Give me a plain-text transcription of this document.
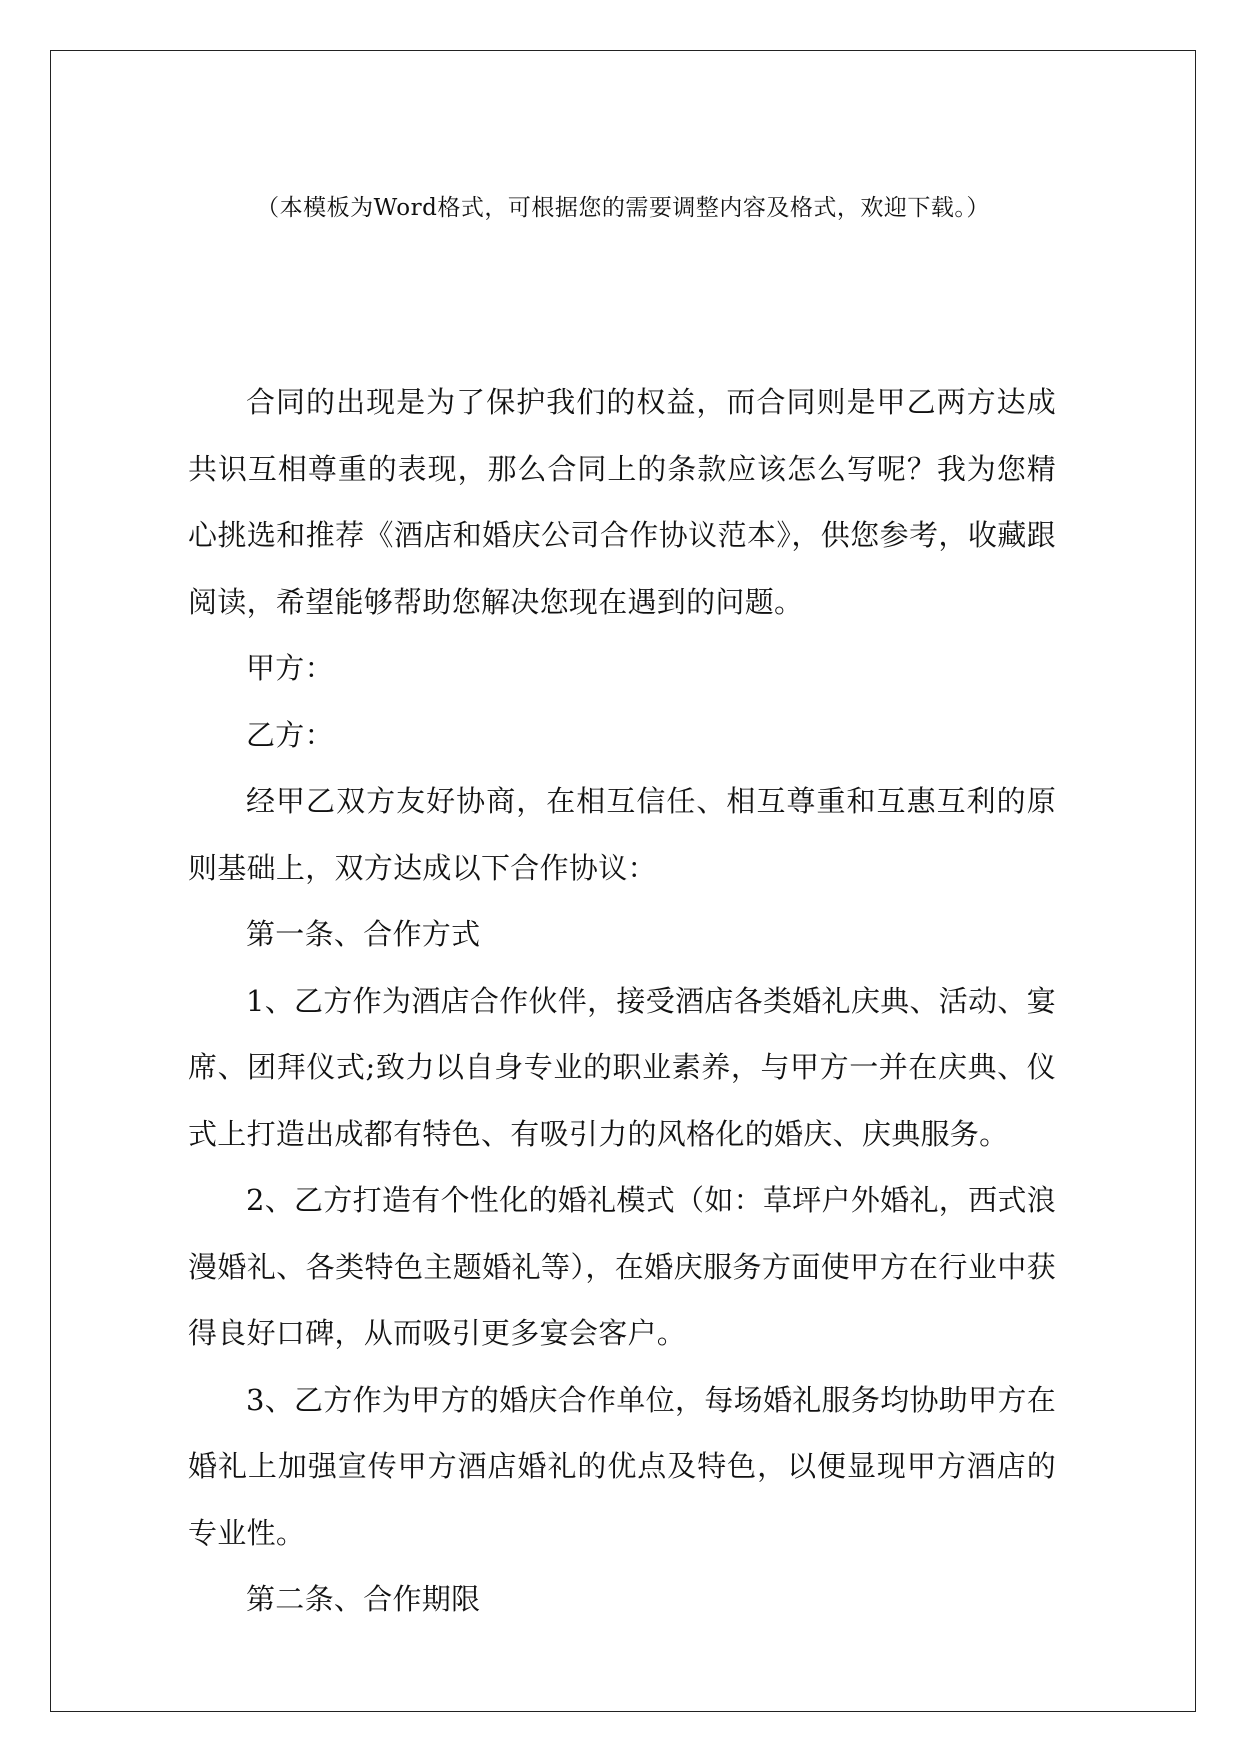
（本模板为Word格式，可根据您的需要调整内容及格式，欢迎下载。）

合同的出现是为了保护我们的权益，而合同则是甲乙两方达成共识互相尊重的表现，那么合同上的条款应该怎么写呢？我为您精心挑选和推荐《酒店和婚庆公司合作协议范本》，供您参考，收藏跟阅读，希望能够帮助您解决您现在遇到的问题。

甲方：

乙方：

经甲乙双方友好协商，在相互信任、相互尊重和互惠互利的原则基础上，双方达成以下合作协议：

第一条、合作方式

1、乙方作为酒店合作伙伴，接受酒店各类婚礼庆典、活动、宴席、团拜仪式;致力以自身专业的职业素养，与甲方一并在庆典、仪式上打造出成都有特色、有吸引力的风格化的婚庆、庆典服务。

2、乙方打造有个性化的婚礼模式（如：草坪户外婚礼，西式浪漫婚礼、各类特色主题婚礼等），在婚庆服务方面使甲方在行业中获得良好口碑，从而吸引更多宴会客户。

3、乙方作为甲方的婚庆合作单位，每场婚礼服务均协助甲方在婚礼上加强宣传甲方酒店婚礼的优点及特色，以便显现甲方酒店的专业性。

第二条、合作期限
